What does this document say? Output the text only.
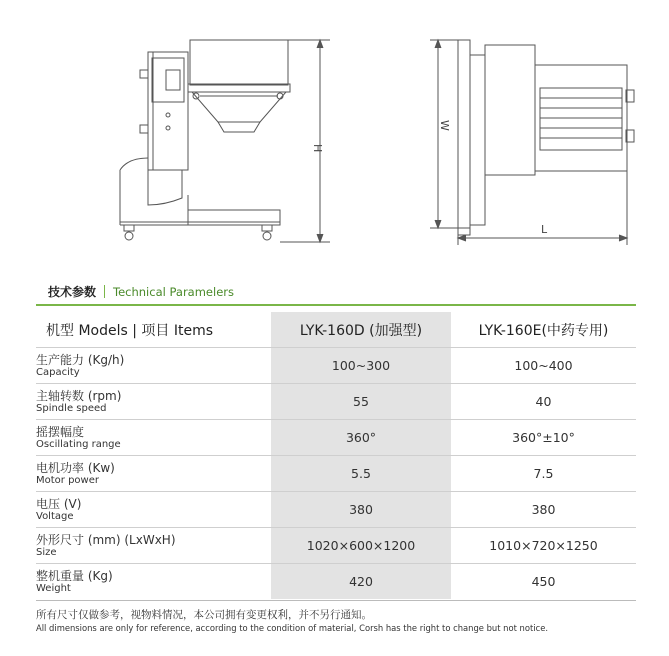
H
W
L
技术参数 Technical Paramelers
机型 Models | 项目 Items	LYK-160D (加强型)	LYK-160E(中药专用)

生产能力 (Kg/h)
Capacity	100~300	100~400

主轴转数 (rpm)
Spindle speed	55	40

摇摆幅度
Oscillating range	360°	360°±10°

电机功率 (Kw)
Motor power	5.5	7.5

电压 (V)
Voltage	380	380

外形尺寸 (mm) (LxWxH)
Size	1020×600×1200	1010×720×1250

整机重量 (Kg)
Weight	420	450
所有尺寸仅做参考，视物料情况，本公司拥有变更权利，并不另行通知。
All dimensions are only for reference, according to the condition of material, Corsh has the right to change but not notice.
